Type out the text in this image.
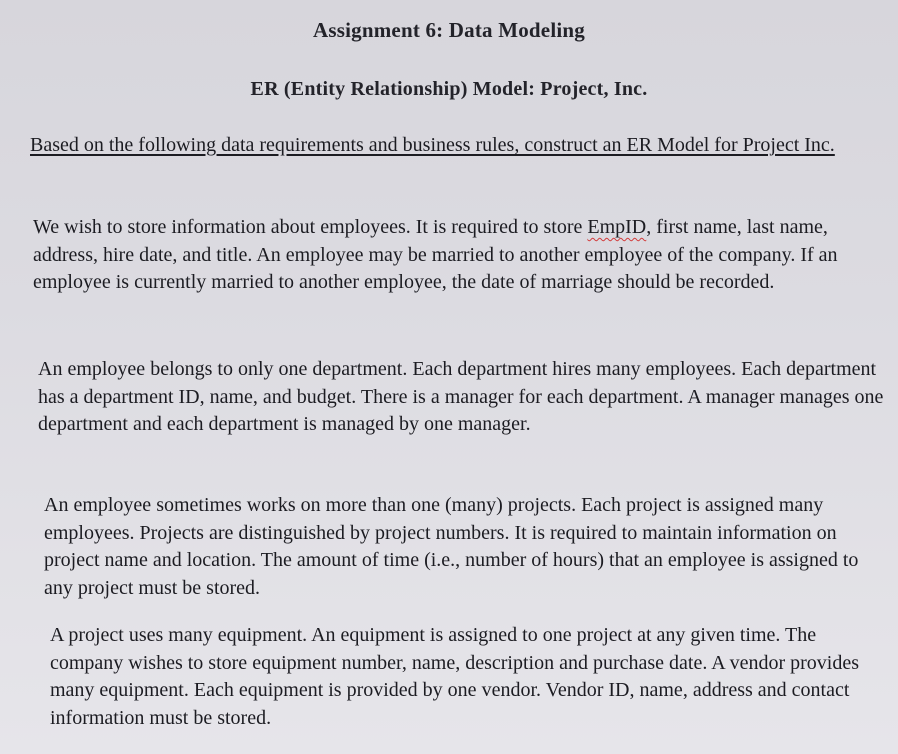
Assignment 6: Data Modeling
ER (Entity Relationship) Model: Project, Inc.

Based on the following data requirements and business rules, construct an ER Model for Project Inc.

We wish to store information about employees. It is required to store EmpID, first name, last name, address, hire date, and title. An employee may be married to another employee of the company. If an employee is currently married to another employee, the date of marriage should be recorded.

An employee belongs to only one department. Each department hires many employees. Each department has a department ID, name, and budget. There is a manager for each department. A manager manages one department and each department is managed by one manager.

An employee sometimes works on more than one (many) projects. Each project is assigned many employees. Projects are distinguished by project numbers. It is required to maintain information on project name and location. The amount of time (i.e., number of hours) that an employee is assigned to any project must be stored.

A project uses many equipment. An equipment is assigned to one project at any given time. The company wishes to store equipment number, name, description and purchase date. A vendor provides many equipment. Each equipment is provided by one vendor. Vendor ID, name, address and contact information must be stored.
